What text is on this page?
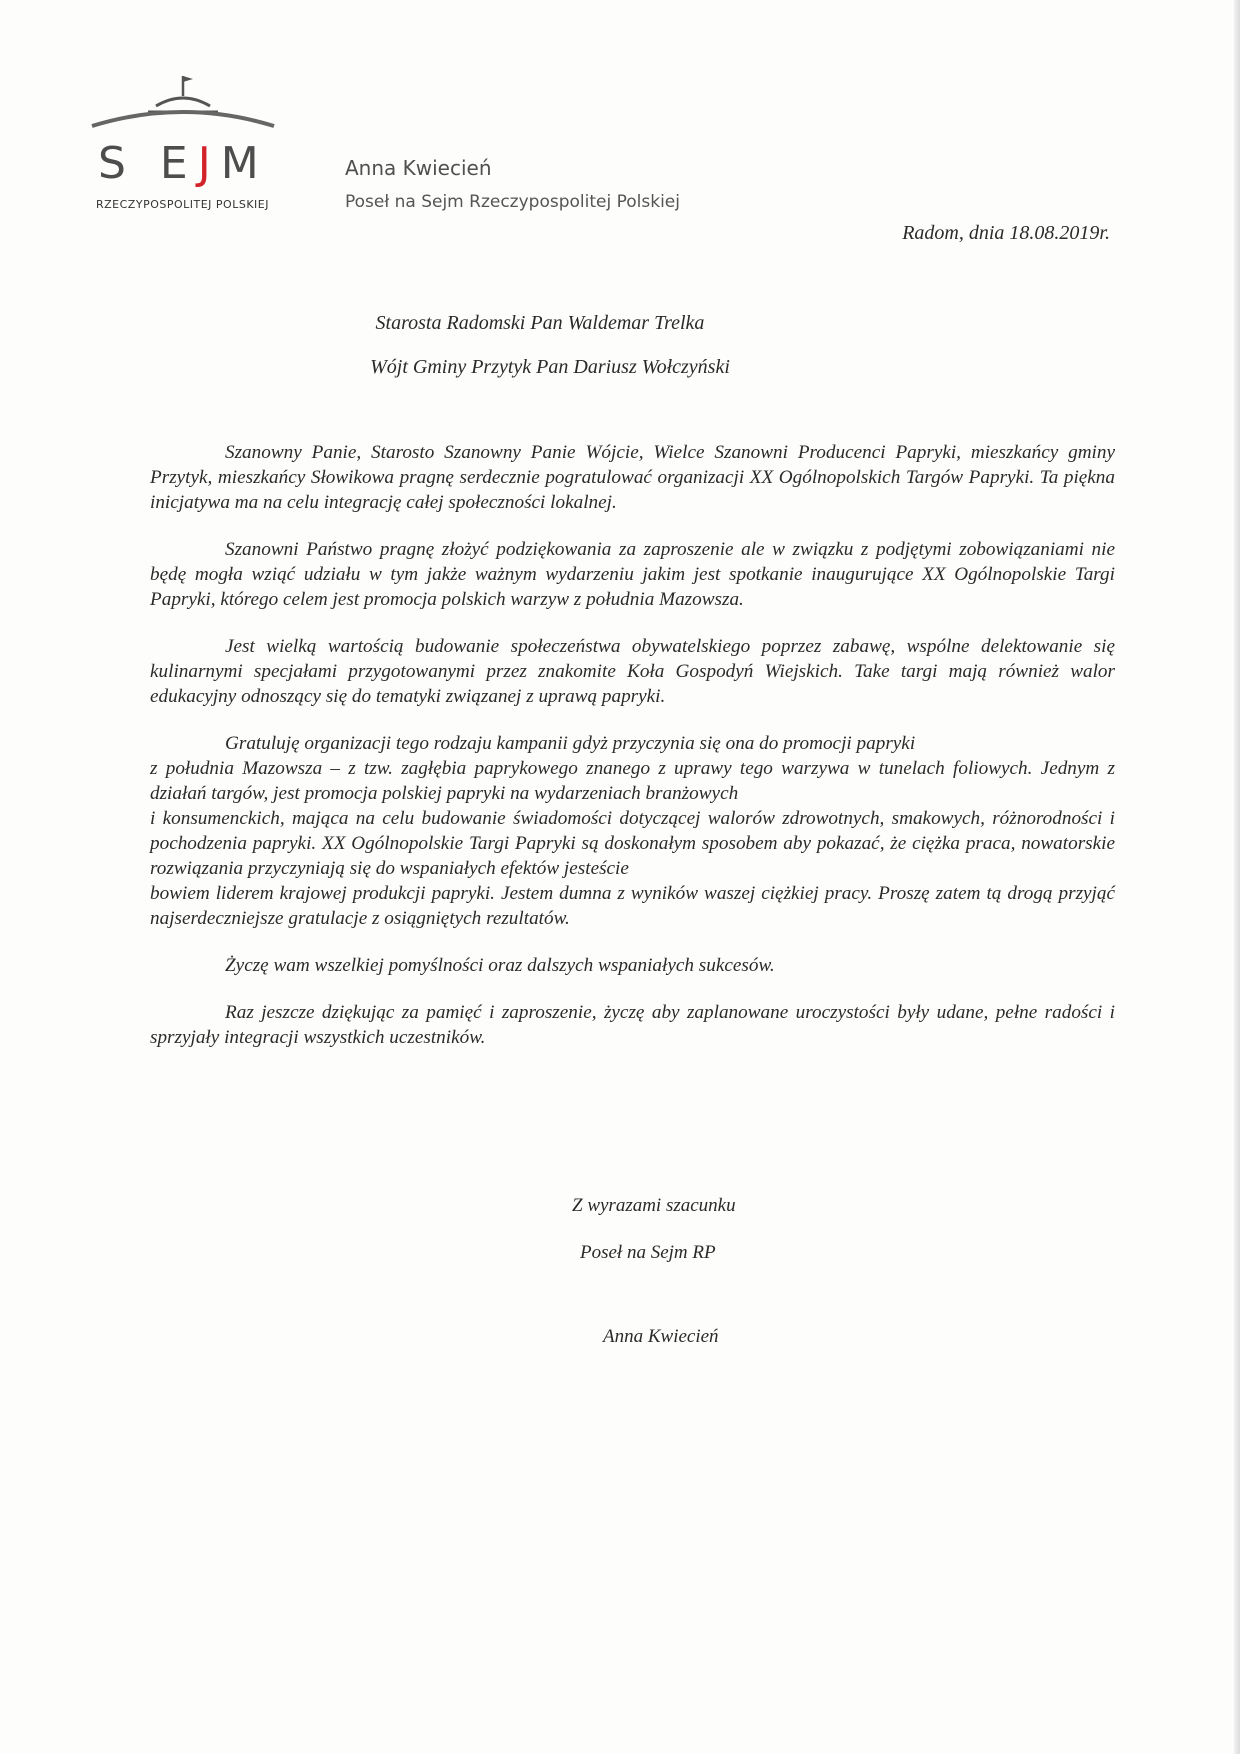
S EJM
RZECZYPOSPOLITEJ POLSKIEJ
Anna Kwiecień
Poseł na Sejm Rzeczypospolitej Polskiej
Radom, dnia 18.08.2019r.
Starosta Radomski Pan Waldemar Trelka
Wójt Gminy Przytyk Pan Dariusz Wołczyński

Szanowny Panie, Starosto Szanowny Panie Wójcie, Wielce Szanowni Producenci Papryki, mieszkańcy gminy Przytyk, mieszkańcy Słowikowa pragnę serdecznie pogratulować organizacji XX Ogólnopolskich Targów Papryki. Ta piękna inicjatywa ma na celu integrację całej społeczności lokalnej.

Szanowni Państwo pragnę złożyć podziękowania za zaproszenie ale w związku z podjętymi zobowiązaniami nie będę mogła wziąć udziału w tym jakże ważnym wydarzeniu jakim jest spotkanie inaugurujące XX Ogólnopolskie Targi Papryki, którego celem jest promocja polskich warzyw z południa Mazowsza.

Jest wielką wartością budowanie społeczeństwa obywatelskiego poprzez zabawę, wspólne delektowanie się kulinarnymi specjałami przygotowanymi przez znakomite Koła Gospodyń Wiejskich. Take targi mają również walor edukacyjny odnoszący się do tematyki związanej z uprawą papryki.

Gratuluję organizacji tego rodzaju kampanii gdyż przyczynia się ona do promocji papryki
z południa Mazowsza – z tzw. zagłębia paprykowego znanego z uprawy tego warzywa w tunelach foliowych. Jednym z działań targów, jest promocja polskiej papryki na wydarzeniach branżowych
i konsumenckich, mająca na celu budowanie świadomości dotyczącej walorów zdrowotnych, smakowych, różnorodności i pochodzenia papryki. XX Ogólnopolskie Targi Papryki są doskonałym sposobem aby pokazać, że ciężka praca, nowatorskie rozwiązania przyczyniają się do wspaniałych efektów jesteście
bowiem liderem krajowej produkcji papryki. Jestem dumna z wyników waszej ciężkiej pracy. Proszę zatem tą drogą przyjąć najserdeczniejsze gratulacje z osiągniętych rezultatów.

Życzę wam wszelkiej pomyślności oraz dalszych wspaniałych sukcesów.

Raz jeszcze dziękując za pamięć i zaproszenie, życzę aby zaplanowane uroczystości były udane, pełne radości i sprzyjały integracji wszystkich uczestników.

Z wyrazami szacunku
Poseł na Sejm RP
Anna Kwiecień
